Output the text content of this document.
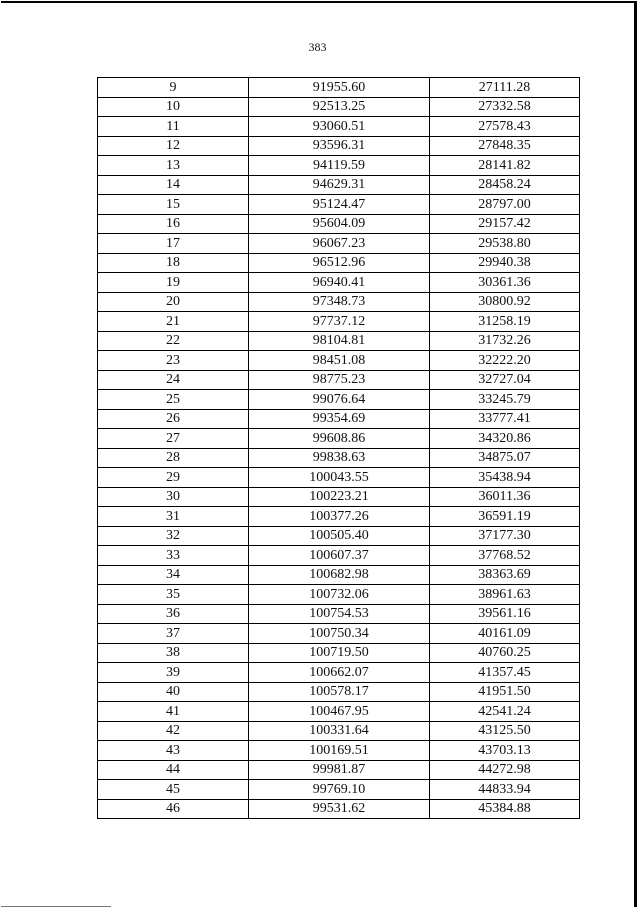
383
9	91955.60	27111.28
10	92513.25	27332.58
11	93060.51	27578.43
12	93596.31	27848.35
13	94119.59	28141.82
14	94629.31	28458.24
15	95124.47	28797.00
16	95604.09	29157.42
17	96067.23	29538.80
18	96512.96	29940.38
19	96940.41	30361.36
20	97348.73	30800.92
21	97737.12	31258.19
22	98104.81	31732.26
23	98451.08	32222.20
24	98775.23	32727.04
25	99076.64	33245.79
26	99354.69	33777.41
27	99608.86	34320.86
28	99838.63	34875.07
29	100043.55	35438.94
30	100223.21	36011.36
31	100377.26	36591.19
32	100505.40	37177.30
33	100607.37	37768.52
34	100682.98	38363.69
35	100732.06	38961.63
36	100754.53	39561.16
37	100750.34	40161.09
38	100719.50	40760.25
39	100662.07	41357.45
40	100578.17	41951.50
41	100467.95	42541.24
42	100331.64	43125.50
43	100169.51	43703.13
44	99981.87	44272.98
45	99769.10	44833.94
46	99531.62	45384.88
